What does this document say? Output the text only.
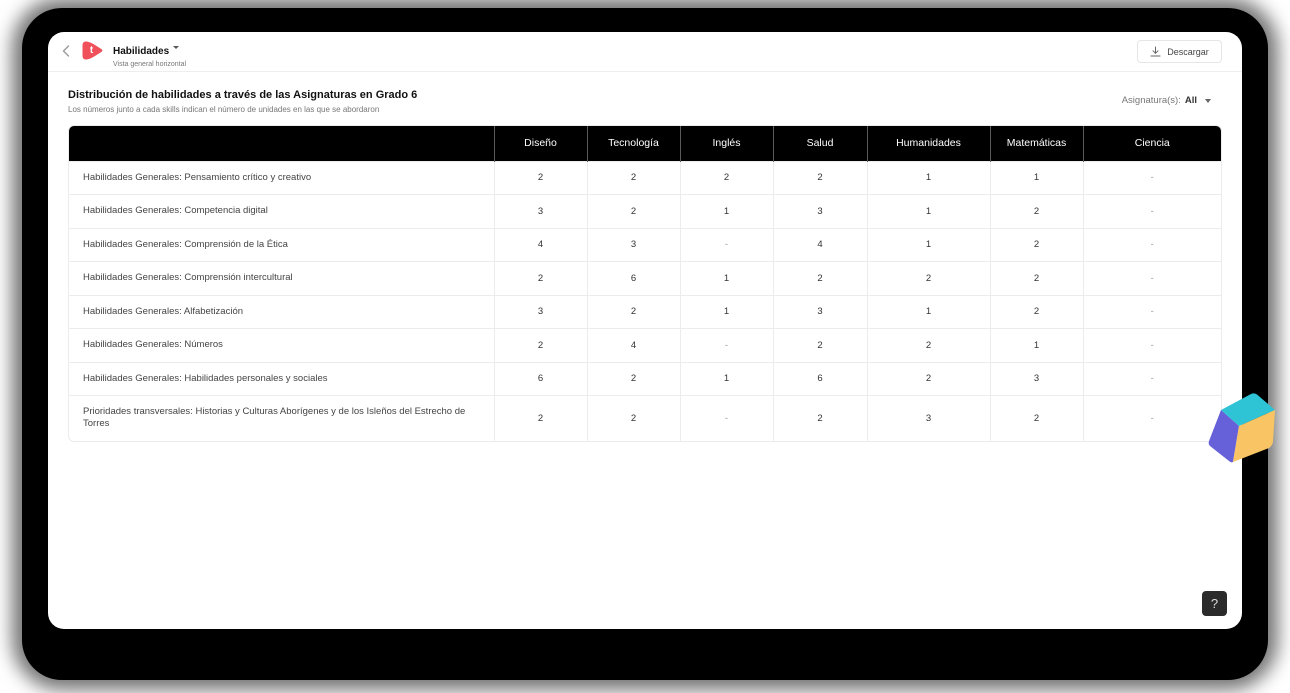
t	Habilidades
Vista general horizontal
Descargar
Distribución de habilidades a través de las Asignaturas en Grado 6
Los números junto a cada skills indican el número de unidades en las que se abordaron
Asignatura(s): All
	Diseño	Tecnología	Inglés	Salud	Humanidades	Matemáticas	Ciencia
Habilidades Generales: Pensamiento crítico y creativo	2	2	2	2	1	1	-
Habilidades Generales: Competencia digital	3	2	1	3	1	2	-
Habilidades Generales: Comprensión de la Ética	4	3	-	4	1	2	-
Habilidades Generales: Comprensión intercultural	2	6	1	2	2	2	-
Habilidades Generales: Alfabetización	3	2	1	3	1	2	-
Habilidades Generales: Números	2	4	-	2	2	1	-
Habilidades Generales: Habilidades personales y sociales	6	2	1	6	2	3	-
Prioridades transversales: Historias y Culturas Aborígenes y de los Isleños del Estrecho de Torres	2	2	-	2	3	2	-
?
